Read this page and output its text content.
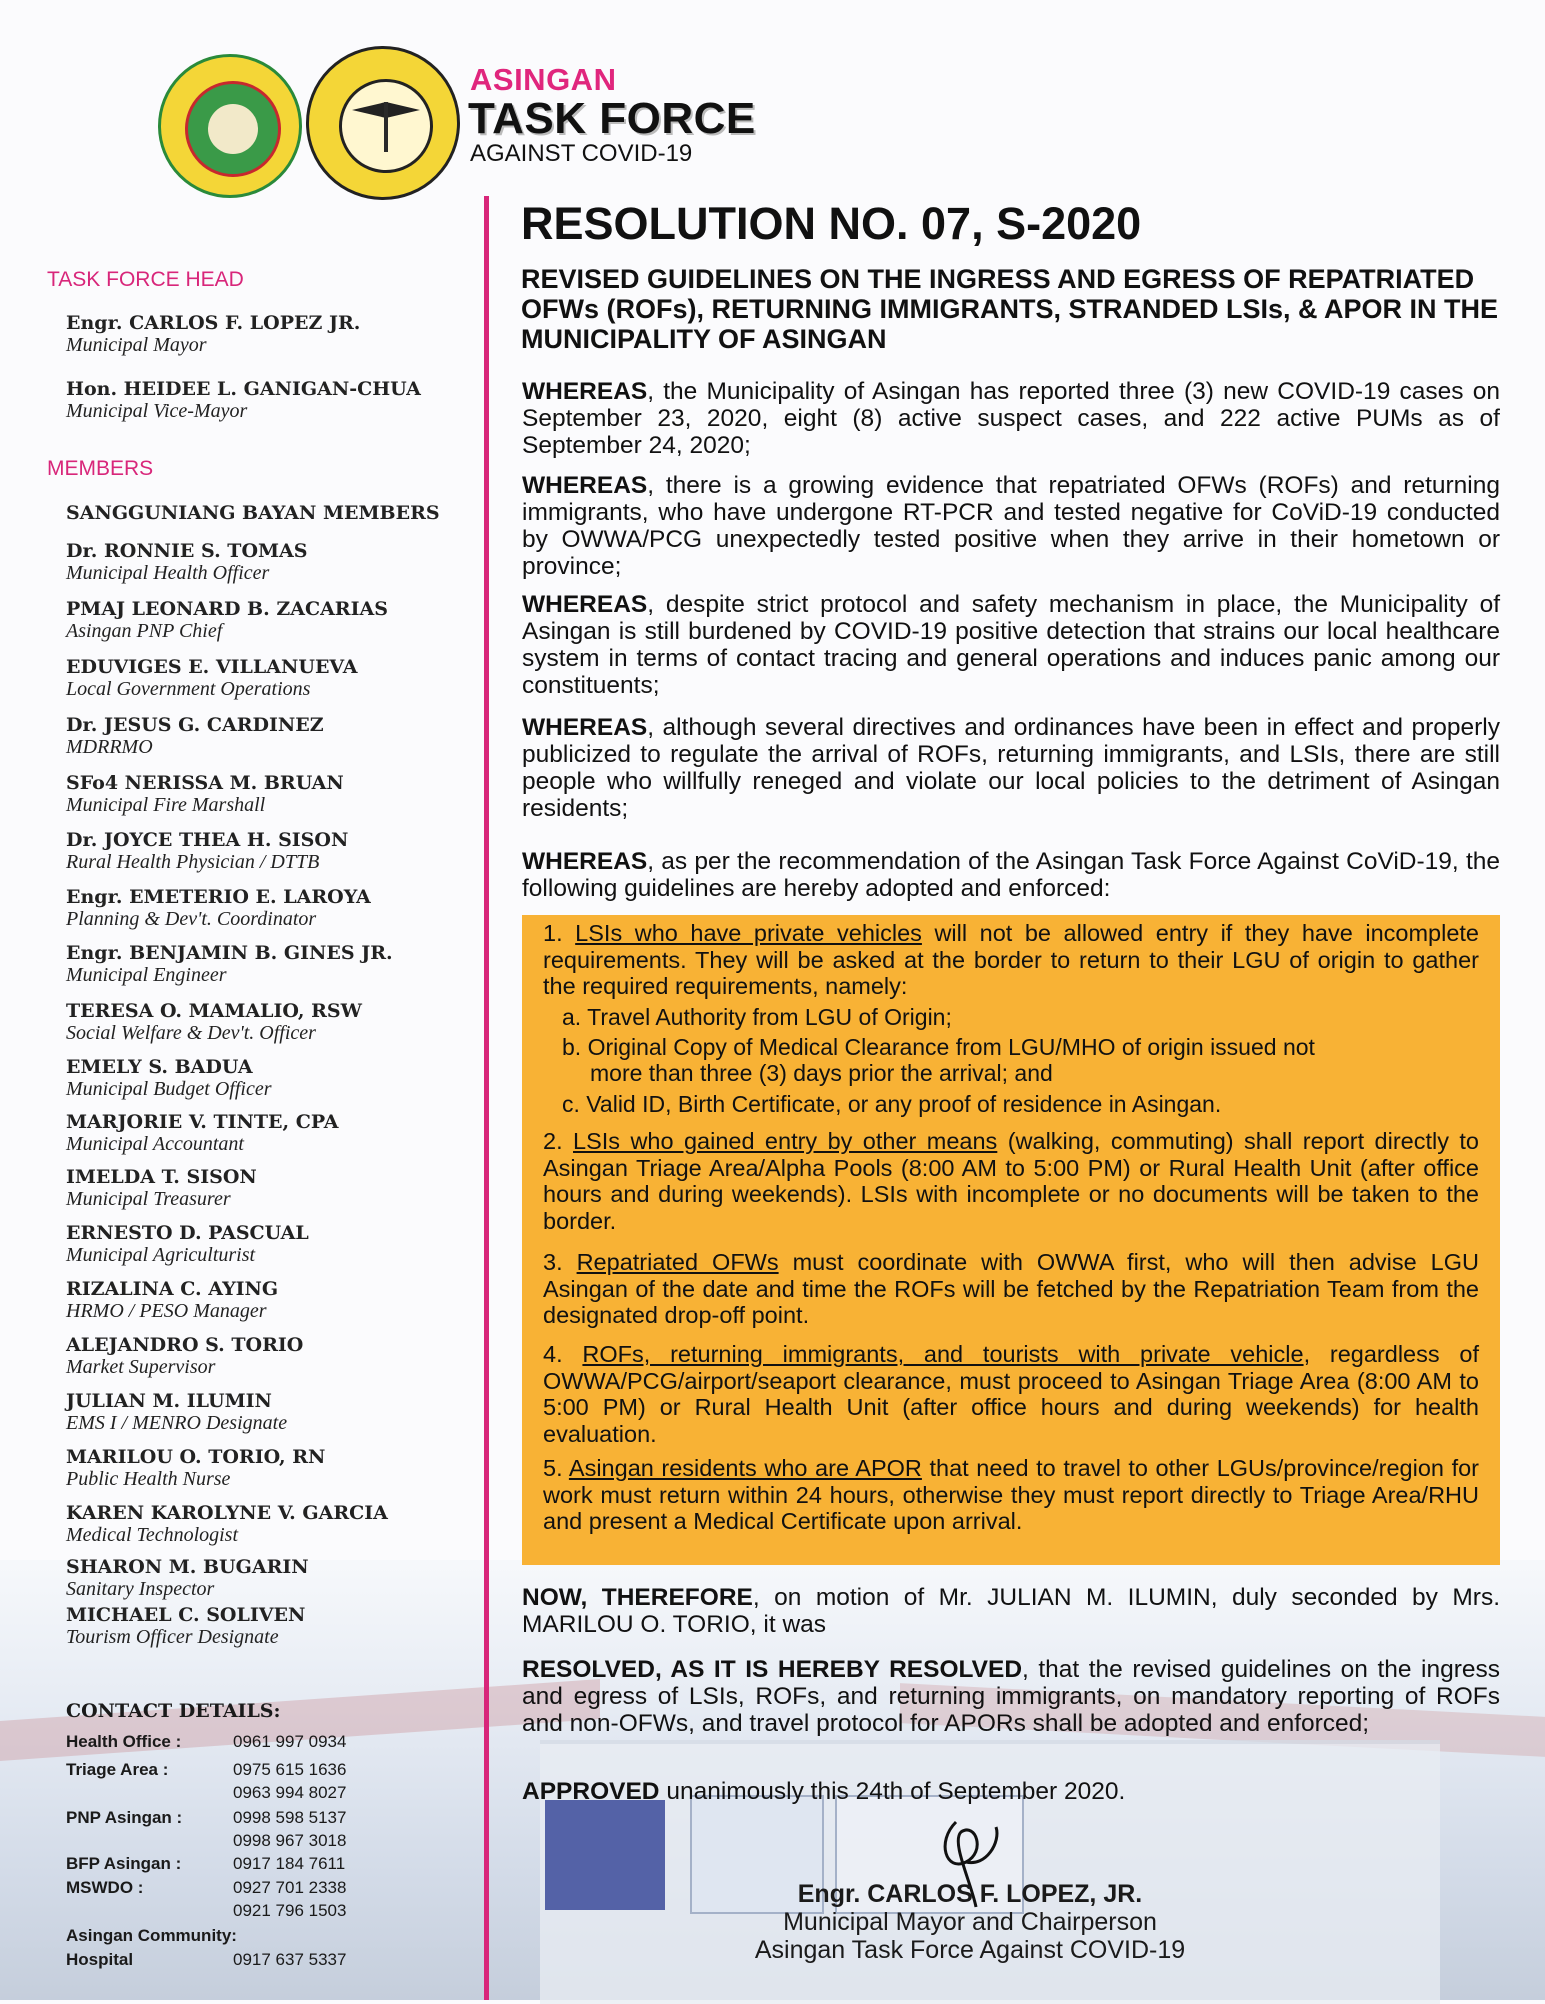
ASINGAN
TASK FORCE
AGAINST COVID-19
TASK FORCE HEAD
Engr. CARLOS F. LOPEZ JR.
Municipal Mayor
Hon. HEIDEE L. GANIGAN-CHUA
Municipal Vice-Mayor
MEMBERS
SANGGUNIANG BAYAN MEMBERS
Dr. RONNIE S. TOMAS
Municipal Health Officer
PMAJ LEONARD B. ZACARIAS
Asingan PNP Chief
EDUVIGES E. VILLANUEVA
Local Government Operations
Dr. JESUS G. CARDINEZ
MDRRMO
SFo4 NERISSA M. BRUAN
Municipal Fire Marshall
Dr. JOYCE THEA H. SISON
Rural Health Physician / DTTB
Engr. EMETERIO E. LAROYA
Planning & Dev't. Coordinator
Engr. BENJAMIN B. GINES JR.
Municipal Engineer
TERESA O. MAMALIO, RSW
Social Welfare & Dev't. Officer
EMELY S. BADUA
Municipal Budget Officer
MARJORIE V. TINTE, CPA
Municipal Accountant
IMELDA T. SISON
Municipal Treasurer
ERNESTO D. PASCUAL
Municipal Agriculturist
RIZALINA C. AYING
HRMO / PESO Manager
ALEJANDRO S. TORIO
Market Supervisor
JULIAN M. ILUMIN
EMS I / MENRO Designate
MARILOU O. TORIO, RN
Public Health Nurse
KAREN KAROLYNE V. GARCIA
Medical Technologist
SHARON M. BUGARIN
Sanitary Inspector
MICHAEL C. SOLIVEN
Tourism Officer Designate
CONTACT DETAILS:
Health Office :	0961 997 0934
Triage Area :	0975 615 1636
0963 994 8027
PNP Asingan :	0998 598 5137
0998 967 3018
BFP Asingan :	0917 184 7611
MSWDO :	0927 701 2338
0921 796 1503
Asingan Community:
Hospital	0917 637 5337
RESOLUTION NO. 07, S-2020
REVISED GUIDELINES ON THE INGRESS AND EGRESS OF REPATRIATED OFWs (ROFs), RETURNING IMMIGRANTS, STRANDED LSIs, & APOR IN THE MUNICIPALITY OF ASINGAN
WHEREAS, the Municipality of Asingan has reported three (3) new COVID-19 cases on September 23, 2020, eight (8) active suspect cases, and 222 active PUMs as of September 24, 2020;
WHEREAS, there is a growing evidence that repatriated OFWs (ROFs) and returning immigrants, who have undergone RT-PCR and tested negative for CoViD-19 conducted by OWWA/PCG unexpectedly tested positive when they arrive in their hometown or province;
WHEREAS, despite strict protocol and safety mechanism in place, the Municipality of Asingan is still burdened by COVID-19 positive detection that strains our local healthcare system in terms of contact tracing and general operations and induces panic among our constituents;
WHEREAS, although several directives and ordinances have been in effect and properly publicized to regulate the arrival of ROFs, returning immigrants, and LSIs, there are still people who willfully reneged and violate our local policies to the detriment of Asingan residents;
WHEREAS, as per the recommendation of the Asingan Task Force Against CoViD-19, the following guidelines are hereby adopted and enforced:
1. LSIs who have private vehicles will not be allowed entry if they have incomplete requirements. They will be asked at the border to return to their LGU of origin to gather the required requirements, namely:
a. Travel Authority from LGU of Origin;
b. Original Copy of Medical Clearance from LGU/MHO of origin issued not
more than three (3) days prior the arrival; and
c. Valid ID, Birth Certificate, or any proof of residence in Asingan.
2. LSIs who gained entry by other means (walking, commuting) shall report directly to Asingan Triage Area/Alpha Pools (8:00 AM to 5:00 PM) or Rural Health Unit (after office hours and during weekends). LSIs with incomplete or no documents will be taken to the border.
3. Repatriated OFWs must coordinate with OWWA first, who will then advise LGU Asingan of the date and time the ROFs will be fetched by the Repatriation Team from the designated drop-off point.
4. ROFs, returning immigrants, and tourists with private vehicle, regardless of OWWA/PCG/airport/seaport clearance, must proceed to Asingan Triage Area (8:00 AM to 5:00 PM) or Rural Health Unit (after office hours and during weekends) for health evaluation.
5. Asingan residents who are APOR that need to travel to other LGUs/province/region for work must return within 24 hours, otherwise they must report directly to Triage Area/RHU and present a Medical Certificate upon arrival.
NOW, THEREFORE, on motion of Mr. JULIAN M. ILUMIN, duly seconded by Mrs. MARILOU O. TORIO, it was
RESOLVED, AS IT IS HEREBY RESOLVED, that the revised guidelines on the ingress and egress of LSIs, ROFs, and returning immigrants, on mandatory reporting of ROFs and non-OFWs, and travel protocol for APORs shall be adopted and enforced;
APPROVED unanimously this 24th of September 2020.
Engr. CARLOS F. LOPEZ, JR.
Municipal Mayor and Chairperson
Asingan Task Force Against COVID-19
